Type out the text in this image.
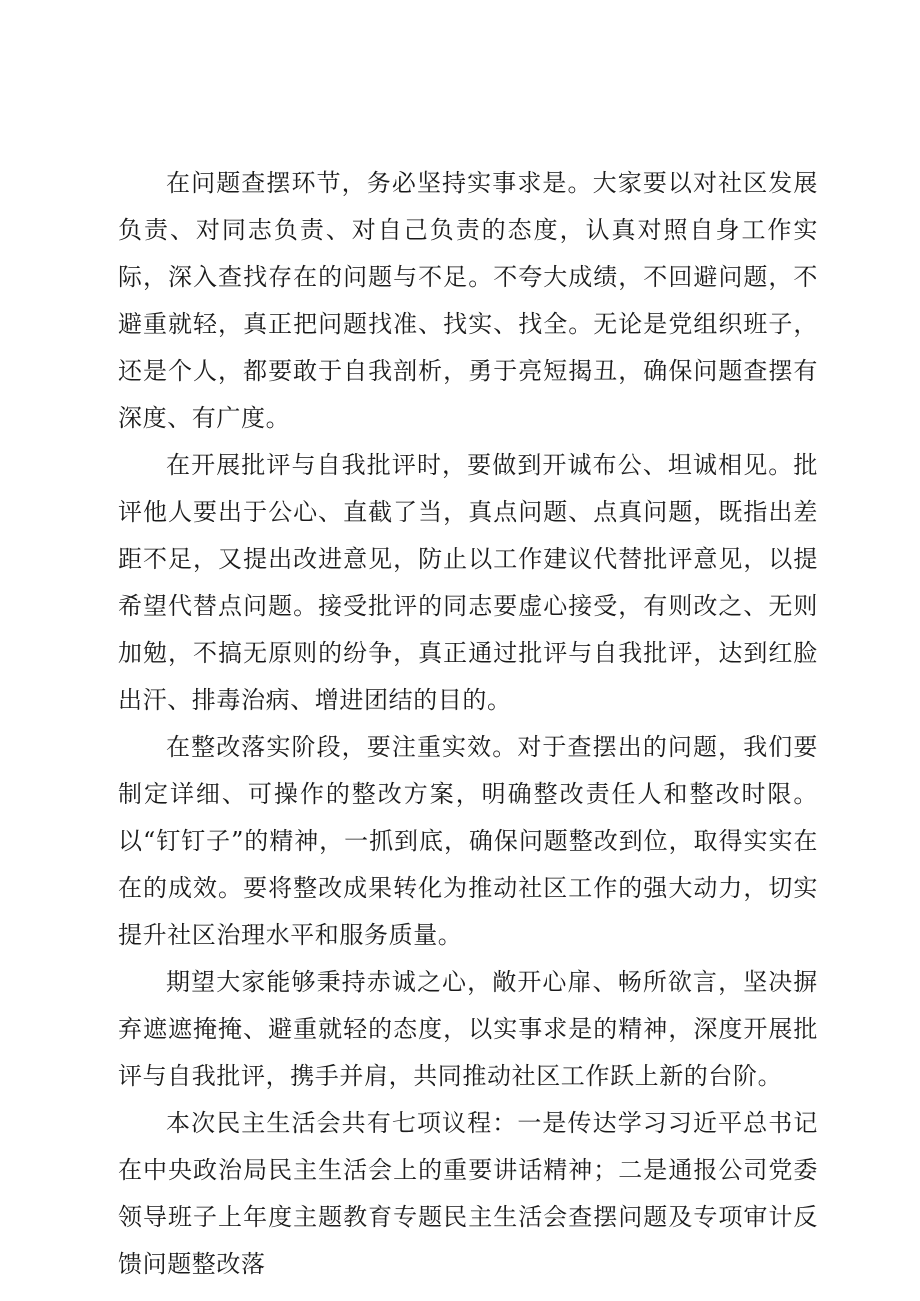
在问题查摆环节，务必坚持实事求是。大家要以对社区发展负责、对同志负责、对自己负责的态度，认真对照自身工作实际，深入查找存在的问题与不足。不夸大成绩，不回避问题，不避重就轻，真正把问题找准、找实、找全。无论是党组织班子，还是个人，都要敢于自我剖析，勇于亮短揭丑，确保问题查摆有深度、有广度。

在开展批评与自我批评时，要做到开诚布公、坦诚相见。批评他人要出于公心、直截了当，真点问题、点真问题，既指出差距不足，又提出改进意见，防止以工作建议代替批评意见，以提希望代替点问题。接受批评的同志要虚心接受，有则改之、无则加勉，不搞无原则的纷争，真正通过批评与自我批评，达到红脸出汗、排毒治病、增进团结的目的。

在整改落实阶段，要注重实效。对于查摆出的问题，我们要制定详细、可操作的整改方案，明确整改责任人和整改时限。以“钉钉子”的精神，一抓到底，确保问题整改到位，取得实实在在的成效。要将整改成果转化为推动社区工作的强大动力，切实提升社区治理水平和服务质量。

期望大家能够秉持赤诚之心，敞开心扉、畅所欲言，坚决摒弃遮遮掩掩、避重就轻的态度，以实事求是的精神，深度开展批评与自我批评，携手并肩，共同推动社区工作跃上新的台阶。

本次民主生活会共有七项议程：一是传达学习习近平总书记在中央政治局民主生活会上的重要讲话精神；二是通报公司党委领导班子上年度主题教育专题民主生活会查摆问题及专项审计反馈问题整改落
